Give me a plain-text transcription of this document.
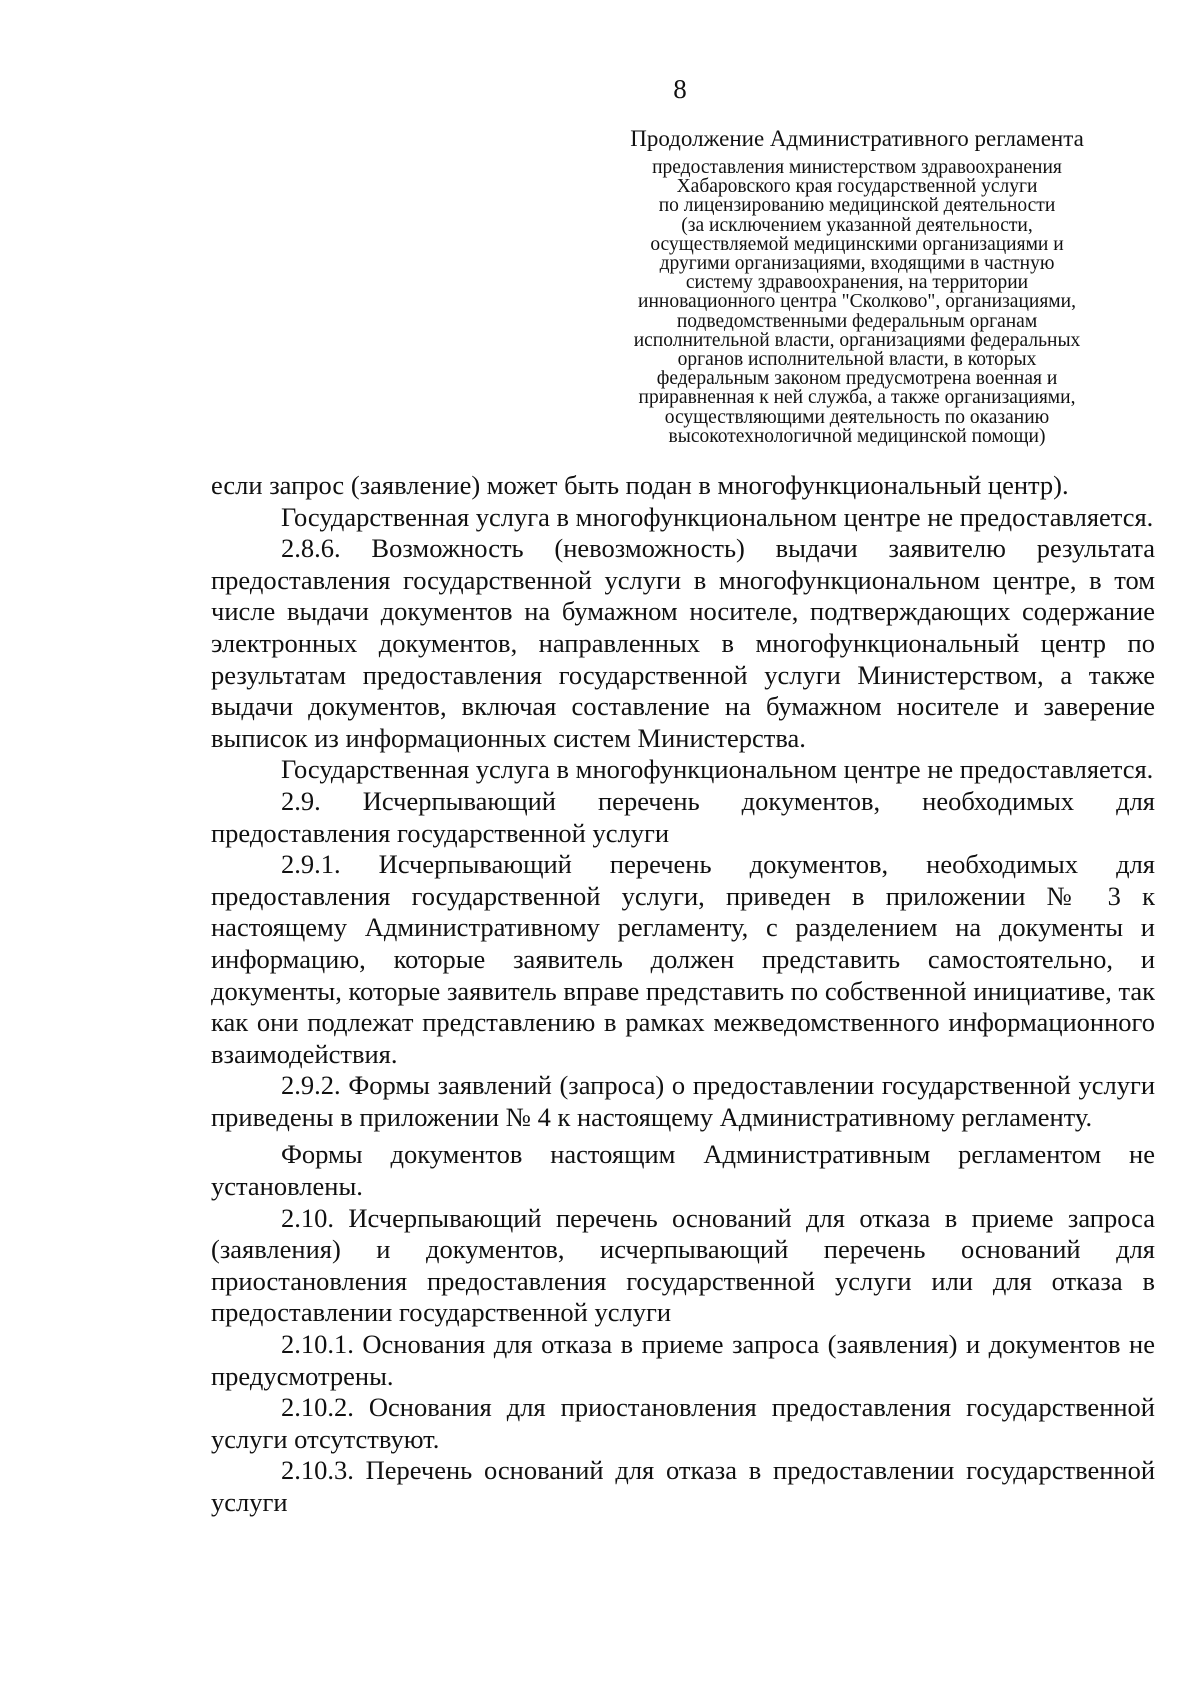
8
Продолжение Административного регламента
предоставления министерством здравоохранения
Хабаровского края государственной услуги
по лицензированию медицинской деятельности
(за исключением указанной деятельности,
осуществляемой медицинскими организациями и
другими организациями, входящими в частную
систему здравоохранения, на территории
инновационного центра "Сколково", организациями,
подведомственными федеральным органам
исполнительной власти, организациями федеральных
органов исполнительной власти, в которых
федеральным законом предусмотрена военная и
приравненная к ней служба, а также организациями,
осуществляющими деятельность по оказанию
высокотехнологичной медицинской помощи)

если запрос (заявление) может быть подан в многофункциональный центр).

Государственная услуга в многофункциональном центре не предоставляется.

2.8.6. Возможность (невозможность) выдачи заявителю результата предоставления государственной услуги в многофункциональном центре, в том числе выдачи документов на бумажном носителе, подтверждающих содержание электронных документов, направленных в многофункциональный центр по результатам предоставления государственной услуги Министерством, а также выдачи документов, включая составление на бумажном носителе и заверение выписок из информационных систем Министерства.

Государственная услуга в многофункциональном центре не предоставляется.

2.9. Исчерпывающий перечень документов, необходимых для предоставления государственной услуги

2.9.1. Исчерпывающий перечень документов, необходимых для предоставления государственной услуги, приведен в приложении № 3 к настоящему Административному регламенту, с разделением на документы и информацию, которые заявитель должен представить самостоятельно, и документы, которые заявитель вправе представить по собственной инициативе, так как они подлежат представлению в рамках межведомственного информационного взаимодействия.

2.9.2. Формы заявлений (запроса) о предоставлении государственной услуги приведены в приложении № 4 к настоящему Административному регламенту.

Формы документов настоящим Административным регламентом не установлены.

2.10. Исчерпывающий перечень оснований для отказа в приеме запроса (заявления) и документов, исчерпывающий перечень оснований для приостановления предоставления государственной услуги или для отказа в предоставлении государственной услуги

2.10.1. Основания для отказа в приеме запроса (заявления) и документов не предусмотрены.

2.10.2. Основания для приостановления предоставления государственной услуги отсутствуют.

2.10.3. Перечень оснований для отказа в предоставлении государственной услуги
